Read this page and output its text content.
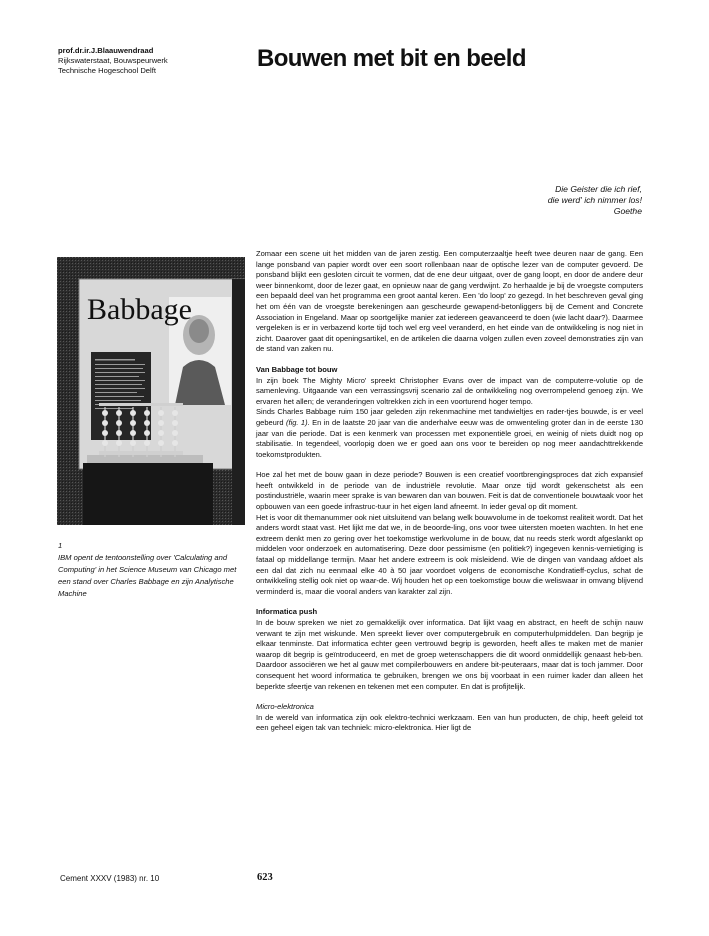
prof.dr.ir.J.Blaauwendraad
Rijkswaterstaat, Bouwspeurwerk
Technische Hogeschool Delft	Bouwen met bit en beeld
Die Geister die ich rief,
die werd' ich nimmer los!
Goethe
Babbage
1
IBM opent de tentoonstelling over 'Calculating and Computing' in het Science Museum van Chicago met een stand over Charles Babbage en zijn Analytische Machine

Zomaar een scene uit het midden van de jaren zestig. Een computerzaaltje heeft twee deuren naar de gang. Een lange ponsband van papier wordt over een soort rollenbaan naar de optische lezer van de computer gevoerd. De ponsband blijkt een gesloten circuit te vormen, dat de ene deur uitgaat, over de gang loopt, en door de andere deur weer binnenkomt, door de lezer gaat, en opnieuw naar de gang verdwijnt. Zo herhaalde je bij de vroegste computers een bepaald deel van het programma een groot aantal keren. Een 'do loop' zo gezegd. In het beschreven geval ging het om één van de vroegste berekeningen aan gescheurde gewapend-betonliggers bij de Cement and Concrete Association in Engeland. Maar op soortgelijke manier zat iedereen geavanceerd te doen (wie lacht daar?). Daarmee vergeleken is er in verbazend korte tijd toch wel erg veel veranderd, en het einde van de ontwikkeling is nog niet in zicht. Daarover gaat dit openingsartikel, en de artikelen die daarna volgen zullen even zoveel demonstraties zijn van de stand van zaken nu.

Van Babbage tot bouw

In zijn boek The Mighty Micro' spreekt Christopher Evans over de impact van de computerre-volutie op de samenleving. Uitgaande van een verrassingsvrij scenario zal de ontwikkeling nog overrompelend genoeg zijn. We ervaren het allen; de veranderingen voltrekken zich in een voorturend hoger tempo.

Sinds Charles Babbage ruim 150 jaar geleden zijn rekenmachine met tandwieltjes en rader-tjes bouwde, is er veel gebeurd (fig. 1). En in de laatste 20 jaar van die anderhalve eeuw was de omwenteling groter dan in de eerste 130 jaar van die periode. Dat is een kenmerk van processen met exponentiële groei, en weinig of niets duidt nog op stabilisatie. In tegendeel, voorlopig doen we er goed aan ons voor te bereiden op nog meer aandachttrekkende toekomstprodukten.

Hoe zal het met de bouw gaan in deze periode? Bouwen is een creatief voortbrengingsproces dat zich expansief heeft ontwikkeld in de periode van de industriële revolutie. Maar onze tijd wordt gekenschetst als een postindustriële, waarin meer sprake is van bewaren dan van bouwen. Feit is dat de conventionele bouwtaak voor het opbouwen van een goede infrastruc-tuur in het eigen land afneemt. In ieder geval op dit moment.

Het is voor dit themanummer ook niet uitsluitend van belang welk bouwvolume in de toekomst realiteit wordt. Dat het anders wordt staat vast. Het lijkt me dat we, in de beoorde-ling, ons voor twee uitersten moeten wachten. In het ene extreem denkt men zo gering over het toekomstige werkvolume in de bouw, dat nu reeds sterk wordt afgeslankt op middelen voor onderzoek en automatisering. Deze door pessimisme (en politiek?) ingegeven kennis-vernietiging is fataal op middellange termijn. Maar het andere extreem is ook misleidend. Wie de dingen van vandaag afdoet als een dal dat zich nu eenmaal elke 40 à 50 jaar voordoet volgens de economische Kondratieff-cyclus, schat de ontwikkeling stellig ook niet op waar-de. Wij houden het op een toekomstige bouw die weliswaar in omvang blijvend verminderd is, maar die vooral anders van karakter zal zijn.

Informatica push

In de bouw spreken we niet zo gemakkelijk over informatica. Dat lijkt vaag en abstract, en heeft de schijn nauw verwant te zijn met wiskunde. Men spreekt liever over computergebruik en computerhulpmiddelen. Dan begrijp je elkaar tenminste. Dat informatica echter geen vertrouwd begrip is geworden, heeft alles te maken met de manier waarop dit begrip is geïntroduceerd, en met de groep wetenschappers die dit woord onmiddellijk genaast heb-ben. Daardoor associëren we het al gauw met compilerbouwers en andere bit-peuteraars, maar dat is toch jammer. Door consequent het woord informatica te gebruiken, brengen we ons bij voorbaat in een ruimer kader dan alleen het beperkte sfeertje van rekenen en tekenen met een computer. En dat is profijtelijk.

Micro-elektronica

In de wereld van informatica zijn ook elektro-technici werkzaam. Een van hun producten, de chip, heeft geleid tot een geheel eigen tak van techniek: micro-elektronica. Hier ligt de

Cement XXXV (1983) nr. 10	623
